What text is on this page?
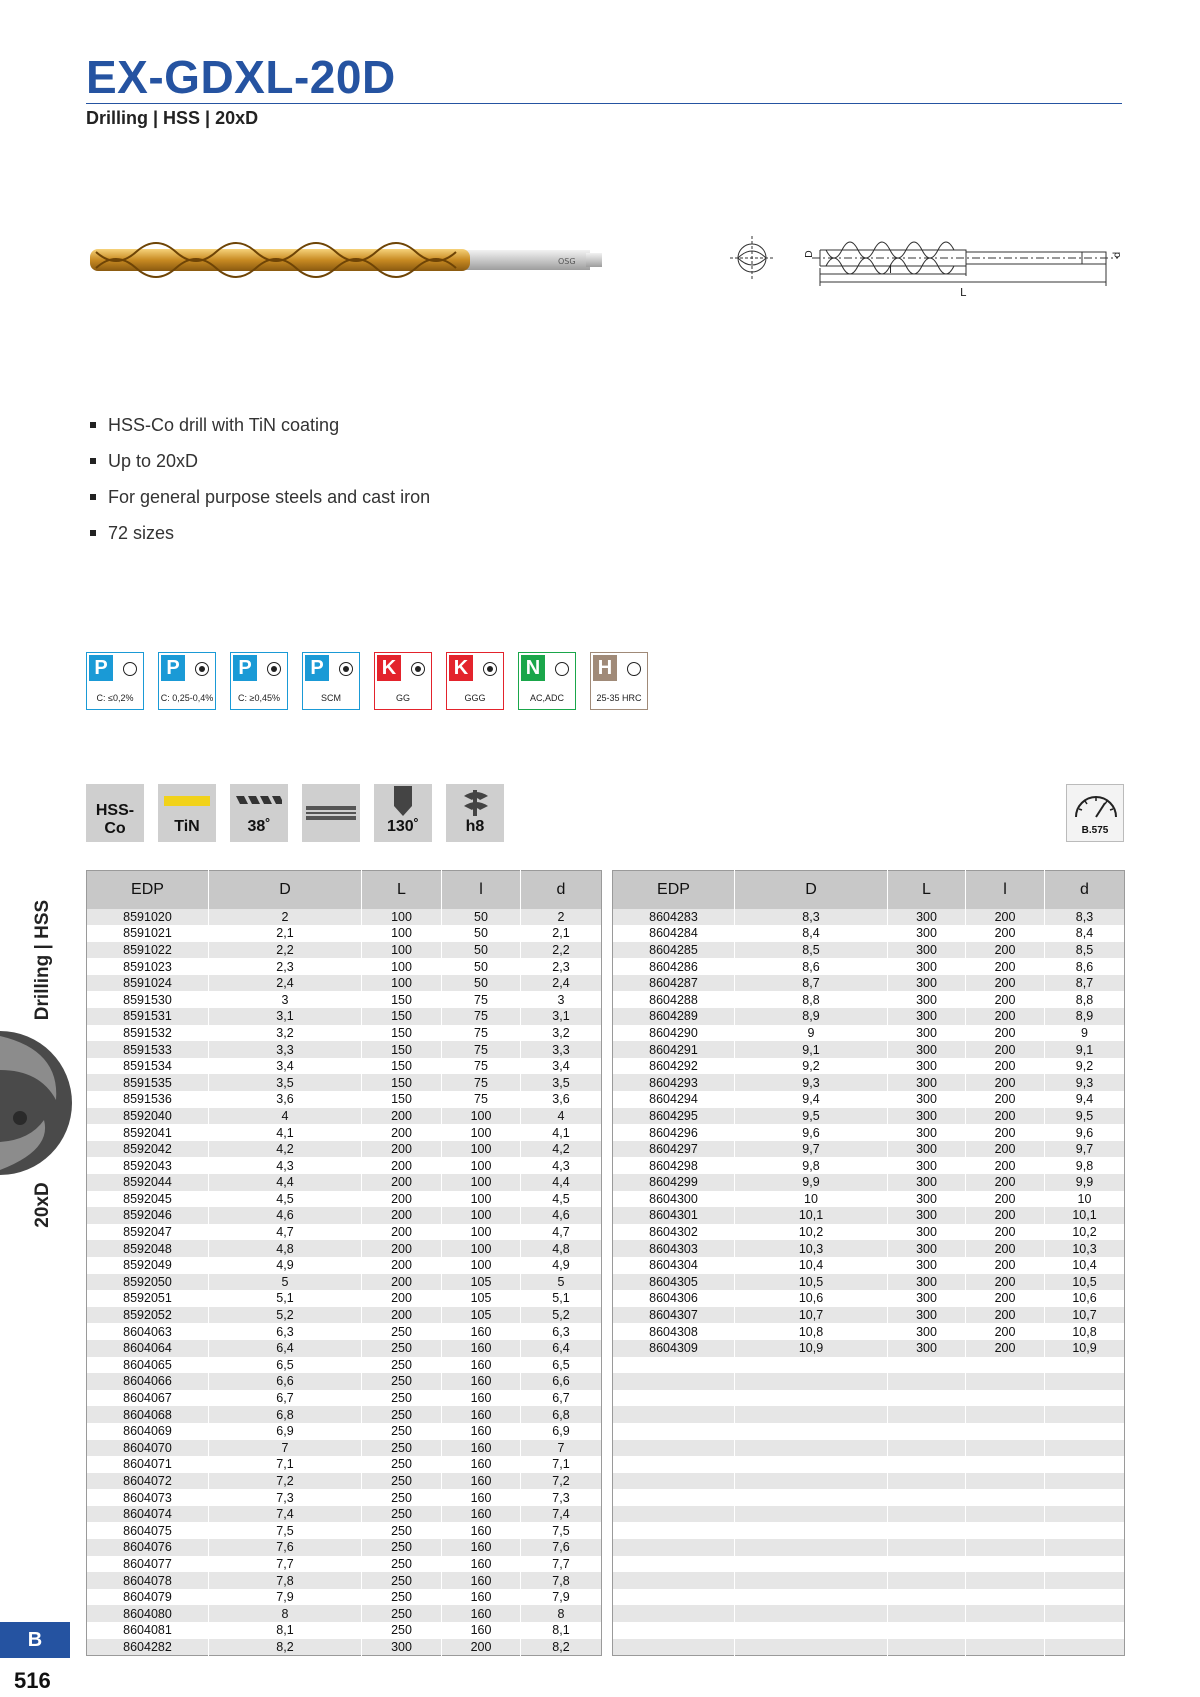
EX-GDXL-20D
Drilling | HSS | 20xD
OSG
D	d
l
L
HSS-Co drill with TiN coating
Up to 20xD
For general purpose steels and cast iron
72 sizes
P
C: ≤0,2%
P
C: 0,25-0,4%
P
C: ≥0,45%
P
SCM
K
GG
K
GGG
N
AC,ADC
H
25-35 HRC
HSS-Co	TiN	38˚	130˚	h8	B.575
EDP	D	L	l	d
8591020	2	100	50	2
8591021	2,1	100	50	2,1
8591022	2,2	100	50	2,2
8591023	2,3	100	50	2,3
8591024	2,4	100	50	2,4
8591530	3	150	75	3
8591531	3,1	150	75	3,1
8591532	3,2	150	75	3,2
8591533	3,3	150	75	3,3
8591534	3,4	150	75	3,4
8591535	3,5	150	75	3,5
8591536	3,6	150	75	3,6
8592040	4	200	100	4
8592041	4,1	200	100	4,1
8592042	4,2	200	100	4,2
8592043	4,3	200	100	4,3
8592044	4,4	200	100	4,4
8592045	4,5	200	100	4,5
8592046	4,6	200	100	4,6
8592047	4,7	200	100	4,7
8592048	4,8	200	100	4,8
8592049	4,9	200	100	4,9
8592050	5	200	105	5
8592051	5,1	200	105	5,1
8592052	5,2	200	105	5,2
8604063	6,3	250	160	6,3
8604064	6,4	250	160	6,4
8604065	6,5	250	160	6,5
8604066	6,6	250	160	6,6
8604067	6,7	250	160	6,7
8604068	6,8	250	160	6,8
8604069	6,9	250	160	6,9
8604070	7	250	160	7
8604071	7,1	250	160	7,1
8604072	7,2	250	160	7,2
8604073	7,3	250	160	7,3
8604074	7,4	250	160	7,4
8604075	7,5	250	160	7,5
8604076	7,6	250	160	7,6
8604077	7,7	250	160	7,7
8604078	7,8	250	160	7,8
8604079	7,9	250	160	7,9
8604080	8	250	160	8
8604081	8,1	250	160	8,1
8604282	8,2	300	200	8,2
EDP	D	L	l	d
8604283	8,3	300	200	8,3
8604284	8,4	300	200	8,4
8604285	8,5	300	200	8,5
8604286	8,6	300	200	8,6
8604287	8,7	300	200	8,7
8604288	8,8	300	200	8,8
8604289	8,9	300	200	8,9
8604290	9	300	200	9
8604291	9,1	300	200	9,1
8604292	9,2	300	200	9,2
8604293	9,3	300	200	9,3
8604294	9,4	300	200	9,4
8604295	9,5	300	200	9,5
8604296	9,6	300	200	9,6
8604297	9,7	300	200	9,7
8604298	9,8	300	200	9,8
8604299	9,9	300	200	9,9
8604300	10	300	200	10
8604301	10,1	300	200	10,1
8604302	10,2	300	200	10,2
8604303	10,3	300	200	10,3
8604304	10,4	300	200	10,4
8604305	10,5	300	200	10,5
8604306	10,6	300	200	10,6
8604307	10,7	300	200	10,7
8604308	10,8	300	200	10,8
8604309	10,9	300	200	10,9

Drilling | HSS
20xD
B
516
